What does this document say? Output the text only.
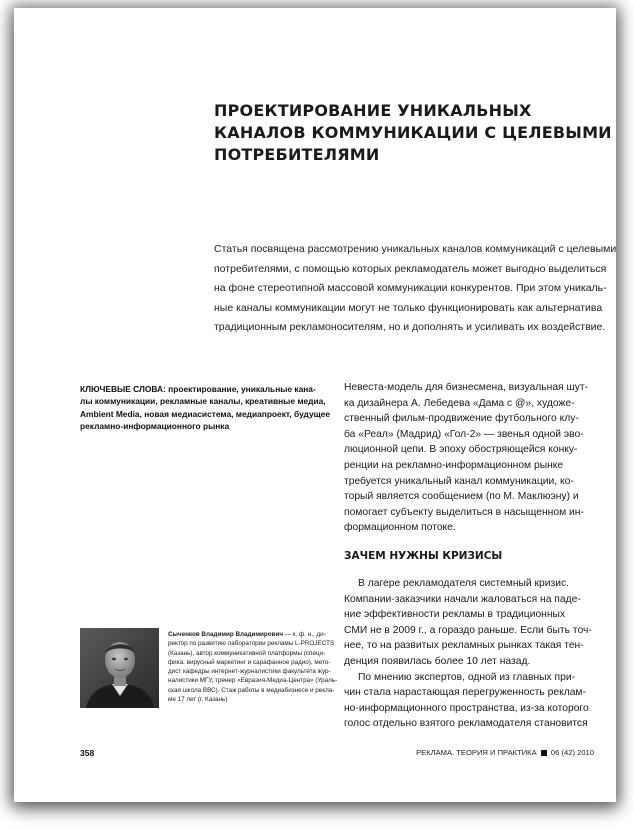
ПРОЕКТИРОВАНИЕ УНИКАЛЬНЫХ
КАНАЛОВ КОММУНИКАЦИИ С ЦЕЛЕВЫМИ
ПОТРЕБИТЕЛЯМИ
Статья посвящена рассмотрению уникальных каналов коммуникаций с целевыми
потребителями, с помощью которых рекламодатель может выгодно выделиться
на фоне стереотипной массовой коммуникации конкурентов. При этом уникаль-
ные каналы коммуникации могут не только функционировать как альтернатива
традиционным рекламоносителям, но и дополнять и усиливать их воздействие.
КЛЮЧЕВЫЕ СЛОВА: проектирование, уникальные кана-
лы коммуникации, рекламные каналы, креативные медиа,
Ambient Media, новая медиасистема, медиапроект, будущее
рекламно-информационного рынка
Невеста-модель для бизнесмена, визуальная шут-
ка дизайнера А. Лебедева «Дама с @», художе-
ственный фильм-продвижение футбольного клу-
ба «Реал» (Мадрид) «Гол-2» — звенья одной эво-
люционной цепи. В эпоху обостряющейся конку-
ренции на рекламно-информационном рынке
требуется уникальный канал коммуникации, ко-
торый является сообщением (по М. Маклюэну) и
помогает субъекту выделиться в насыщенном ин-
формационном потоке.
ЗАЧЕМ НУЖНЫ КРИЗИСЫ
В лагере рекламодателя системный кризис.
Компании-заказчики начали жаловаться на паде-
ние эффективности рекламы в традиционных
СМИ не в 2009 г., а гораздо раньше. Если быть точ-
нее, то на развитых рекламных рынках такая тен-
денция появилась более 10 лет назад.
По мнению экспертов, одной из главных при-
чин стала нарастающая перегруженность реклам-
но-информационного пространства, из-за которого
голос отдельно взятого рекламодателя становится
Сыченков Владимир Владимирович — к. ф. н., ди-
ректор по развитию лаборатории рекламы L-PROJECTS
(Казань), автор коммуникативной платформы (специ-
фика: вирусный маркетинг и сарафанное радио), мето-
дист кафедры интернет-журналистики факультета жур-
налистики МГУ, тренер «Евразия-Медиа-Центра» (Ураль-
ская школа ВВС). Стаж работы в медиабизнесе и рекла-
ме 17 лет (г. Казань)
358	РЕКЛАМА. ТЕОРИЯ И ПРАКТИКА 06 (42) 2010
